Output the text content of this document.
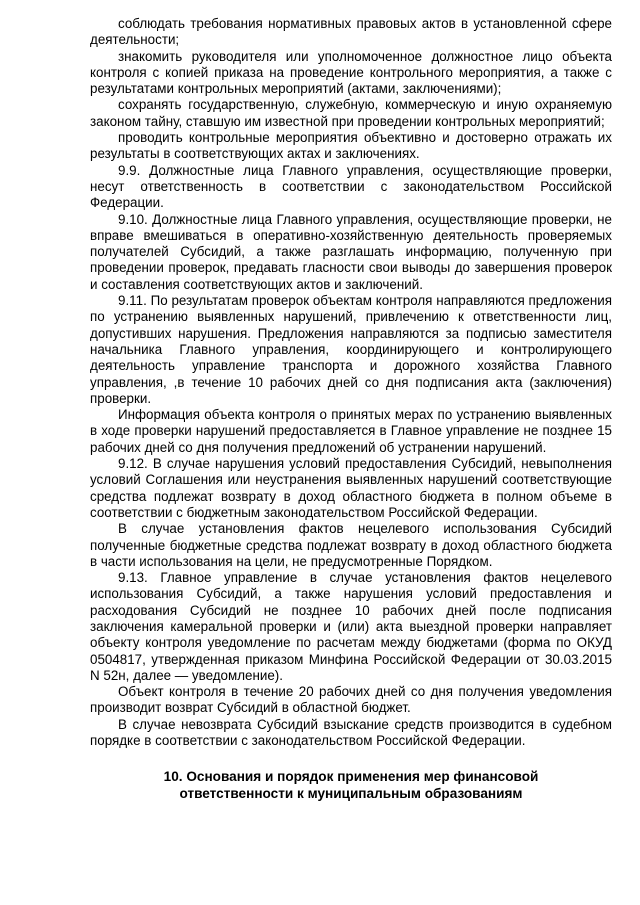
соблюдать требования нормативных правовых актов в установленной сфере деятельности;

знакомить руководителя или уполномоченное должностное лицо объекта контроля с копией приказа на проведение контрольного мероприятия, а также с результатами контрольных мероприятий (актами, заключениями);

сохранять государственную, служебную, коммерческую и иную охраняемую законом тайну, ставшую им известной при проведении контрольных мероприятий;

проводить контрольные мероприятия объективно и достоверно отражать их результаты в соответствующих актах и заключениях.

9.9. Должностные лица Главного управления, осуществляющие проверки, несут ответственность в соответствии с законодательством Российской Федерации.

9.10. Должностные лица Главного управления, осуществляющие проверки, не вправе вмешиваться в оперативно-хозяйственную деятельность проверяемых получателей Субсидий, а также разглашать информацию, полученную при проведении проверок, предавать гласности свои выводы до завершения проверок и составления соответствующих актов и заключений.

9.11. По результатам проверок объектам контроля направляются предложения по устранению выявленных нарушений, привлечению к ответственности лиц, допустивших нарушения. Предложения направляются за подписью заместителя начальника Главного управления, координирующего и контролирующего деятельность управление транспорта и дорожного хозяйства Главного управления, ,в течение 10 рабочих дней со дня подписания акта (заключения) проверки.

Информация объекта контроля о принятых мерах по устранению выявленных в ходе проверки нарушений предоставляется в Главное управление не позднее 15 рабочих дней со дня получения предложений об устранении нарушений.

9.12. В случае нарушения условий предоставления Субсидий, невыполнения условий Соглашения или неустранения выявленных нарушений соответствующие средства подлежат возврату в доход областного бюджета в полном объеме в соответствии с бюджетным законодательством Российской Федерации.

В случае установления фактов нецелевого использования Субсидий полученные бюджетные средства подлежат возврату в доход областного бюджета в части использования на цели, не предусмотренные Порядком.

9.13. Главное управление в случае установления фактов нецелевого использования Субсидий, а также нарушения условий предоставления и расходования Субсидий не позднее 10 рабочих дней после подписания заключения камеральной проверки и (или) акта выездной проверки направляет объекту контроля уведомление по расчетам между бюджетами (форма по ОКУД 0504817, утвержденная приказом Минфина Российской Федерации от 30.03.2015 N 52н, далее — уведомление).

Объект контроля в течение 20 рабочих дней со дня получения уведомления производит возврат Субсидий в областной бюджет.

В случае невозврата Субсидий взыскание средств производится в судебном порядке в соответствии с законодательством Российской Федерации.

10. Основания и порядок применения мер финансовой
ответственности к муниципальным образованиям
